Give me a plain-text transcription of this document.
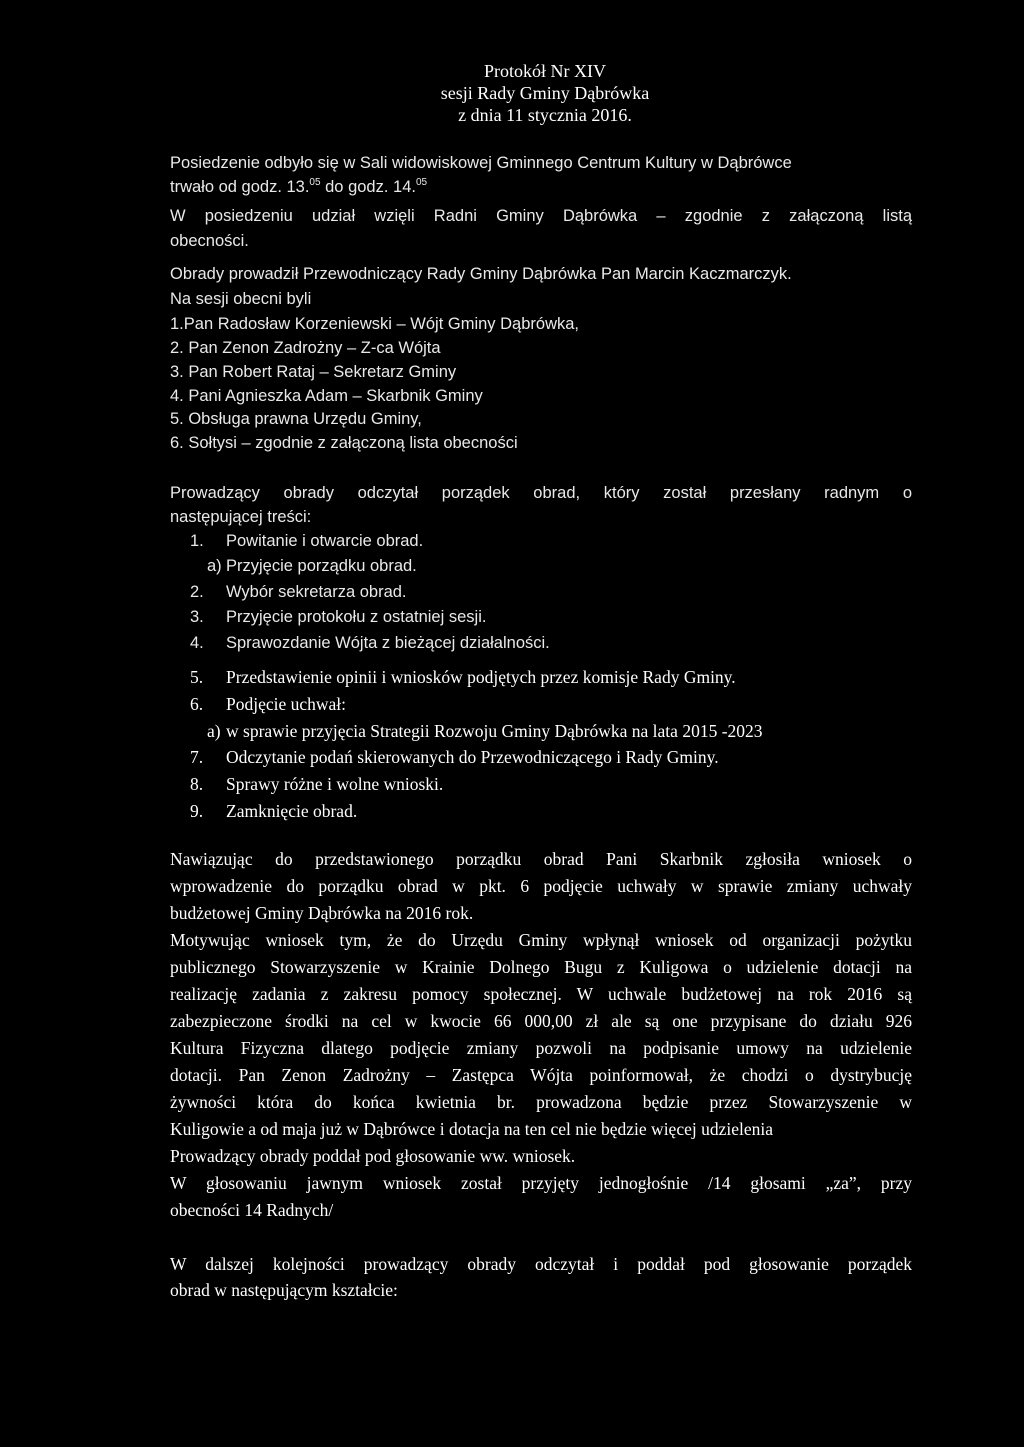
Protokół Nr XIV
sesji Rady Gminy Dąbrówka
z dnia 11 stycznia 2016.
Posiedzenie odbyło się w Sali widowiskowej Gminnego Centrum Kultury w Dąbrówce
trwało od godz. 13.05 do godz. 14.05
W posiedzeniu udział wzięli Radni Gminy Dąbrówka – zgodnie z załączoną listą
obecności.
Obrady prowadził Przewodniczący Rady Gminy Dąbrówka Pan Marcin Kaczmarczyk.
Na sesji obecni byli
1.Pan Radosław Korzeniewski – Wójt Gminy Dąbrówka,
2. Pan Zenon Zadrożny – Z-ca Wójta
3. Pan Robert Rataj – Sekretarz Gminy
4. Pani Agnieszka Adam – Skarbnik Gminy
5. Obsługa prawna Urzędu Gminy,
6. Sołtysi – zgodnie z załączoną lista obecności
Prowadzący obrady odczytał porządek obrad, który został przesłany radnym o
następującej treści:
1. Powitanie i otwarcie obrad.
a) Przyjęcie porządku obrad.
2. Wybór sekretarza obrad.
3. Przyjęcie protokołu z ostatniej sesji.
4. Sprawozdanie Wójta z bieżącej działalności.
5. Przedstawienie opinii i wniosków podjętych przez komisje Rady Gminy.
6. Podjęcie uchwał:
a) w sprawie przyjęcia Strategii Rozwoju Gminy Dąbrówka na lata 2015 -2023
7. Odczytanie podań skierowanych do Przewodniczącego i Rady Gminy.
8. Sprawy różne i wolne wnioski.
9. Zamknięcie obrad.
Nawiązując do przedstawionego porządku obrad Pani Skarbnik zgłosiła wniosek o
wprowadzenie do porządku obrad w pkt. 6 podjęcie uchwały w sprawie zmiany uchwały
budżetowej Gminy Dąbrówka na 2016 rok.
Motywując wniosek tym, że do Urzędu Gminy wpłynął wniosek od organizacji pożytku
publicznego Stowarzyszenie w Krainie Dolnego Bugu z Kuligowa o udzielenie dotacji na
realizację zadania z zakresu pomocy społecznej. W uchwale budżetowej na rok 2016 są
zabezpieczone środki na cel w kwocie 66 000,00 zł ale są one przypisane do działu 926
Kultura Fizyczna dlatego podjęcie zmiany pozwoli na podpisanie umowy na udzielenie
dotacji. Pan Zenon Zadrożny – Zastępca Wójta poinformował, że chodzi o dystrybucję
żywności która do końca kwietnia br. prowadzona będzie przez Stowarzyszenie w
Kuligowie a od maja już w Dąbrówce i dotacja na ten cel nie będzie więcej udzielenia
Prowadzący obrady poddał pod głosowanie ww. wniosek.
W głosowaniu jawnym wniosek został przyjęty jednogłośnie /14 głosami „za”, przy
obecności 14 Radnych/
W dalszej kolejności prowadzący obrady odczytał i poddał pod głosowanie porządek
obrad w następującym kształcie:
